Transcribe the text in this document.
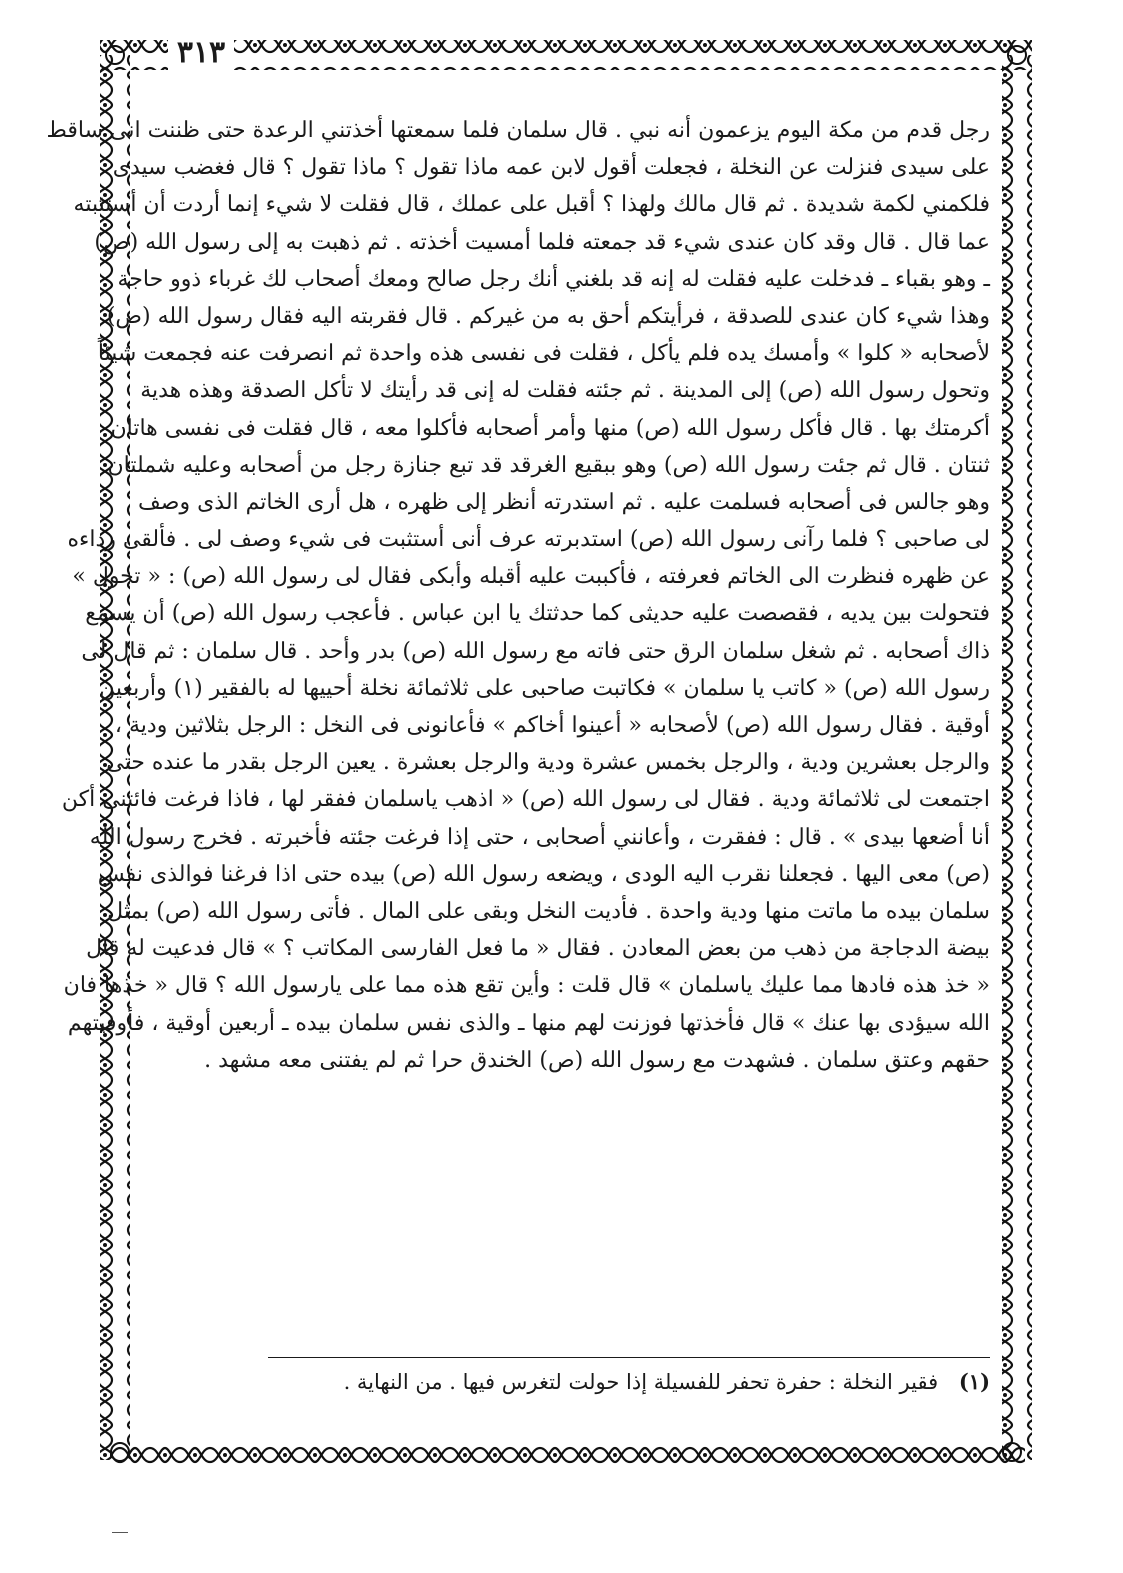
٣١٣
رجل قدم من مكة اليوم يزعمون أنه نبي . قال سلمان فلما سمعتها أخذتني الرعدة حتى ظننت انى ساقط
على سيدى فنزلت عن النخلة ، فجعلت أقول لابن عمه ماذا تقول ؟ ماذا تقول ؟ قال فغضب سيدى
فلكمني لكمة شديدة . ثم قال مالك ولهذا ؟ أقبل على عملك ، قال فقلت لا شيء إنما أردت أن أستثبته
عما قال . قال وقد كان عندى شيء قد جمعته فلما أمسيت أخذته . ثم ذهبت به إلى رسول الله (ص)
ـ وهو بقباء ـ فدخلت عليه فقلت له إنه قد بلغني أنك رجل صالح ومعك أصحاب لك غرباء ذوو حاجة
وهذا شيء كان عندى للصدقة ، فرأيتكم أحق به من غيركم . قال فقربته اليه فقال رسول الله (ص)
لأصحابه « كلوا » وأمسك يده فلم يأكل ، فقلت فى نفسى هذه واحدة ثم انصرفت عنه فجمعت شيئاً
وتحول رسول الله (ص) إلى المدينة . ثم جئته فقلت له إنى قد رأيتك لا تأكل الصدقة وهذه هدية
أكرمتك بها . قال فأكل رسول الله (ص) منها وأمر أصحابه فأكلوا معه ، قال فقلت فى نفسى هاتان
ثنتان . قال ثم جئت رسول الله (ص) وهو ببقيع الغرقد قد تبع جنازة رجل من أصحابه وعليه شملتان
وهو جالس فى أصحابه فسلمت عليه . ثم استدرته أنظر إلى ظهره ، هل أرى الخاتم الذى وصف
لى صاحبى ؟ فلما رآنى رسول الله (ص) استدبرته عرف أنى أستثبت فى شيء وصف لى . فألقى رداءه
عن ظهره فنظرت الى الخاتم فعرفته ، فأكببت عليه أقبله وأبكى فقال لى رسول الله (ص) : « تحول »
فتحولت بين يديه ، فقصصت عليه حديثى كما حدثتك يا ابن عباس . فأعجب رسول الله (ص) أن يسمع
ذاك أصحابه . ثم شغل سلمان الرق حتى فاته مع رسول الله (ص) بدر وأحد . قال سلمان : ثم قال لى
رسول الله (ص) « كاتب يا سلمان » فكاتبت صاحبى على ثلاثمائة نخلة أحييها له بالفقير (١) وأربعين
أوقية . فقال رسول الله (ص) لأصحابه « أعينوا أخاكم » فأعانونى فى النخل : الرجل بثلاثين ودية ،
والرجل بعشرين ودية ، والرجل بخمس عشرة ودية والرجل بعشرة . يعين الرجل بقدر ما عنده حتى
اجتمعت لى ثلاثمائة ودية . فقال لى رسول الله (ص) « اذهب ياسلمان ففقر لها ، فاذا فرغت فائتنى أكن
أنا أضعها بيدى » . قال : ففقرت ، وأعانني أصحابى ، حتى إذا فرغت جئته فأخبرته . فخرج رسول الله
(ص) معى اليها . فجعلنا نقرب اليه الودى ، ويضعه رسول الله (ص) بيده حتى اذا فرغنا فوالذى نفس
سلمان بيده ما ماتت منها ودية واحدة . فأديت النخل وبقى على المال . فأتى رسول الله (ص) بمثل
بيضة الدجاجة من ذهب من بعض المعادن . فقال « ما فعل الفارسى المكاتب ؟ » قال فدعيت له قال
« خذ هذه فادها مما عليك ياسلمان » قال قلت : وأين تقع هذه مما على يارسول الله ؟ قال « خذها فان
الله سيؤدى بها عنك » قال فأخذتها فوزنت لهم منها ـ والذى نفس سلمان بيده ـ أربعين أوقية ، فأوفيتهم
حقهم وعتق سلمان . فشهدت مع رسول الله (ص) الخندق حرا ثم لم يفتنى معه مشهد .
(١) فقير النخلة : حفرة تحفر للفسيلة إذا حولت لتغرس فيها . من النهاية .
